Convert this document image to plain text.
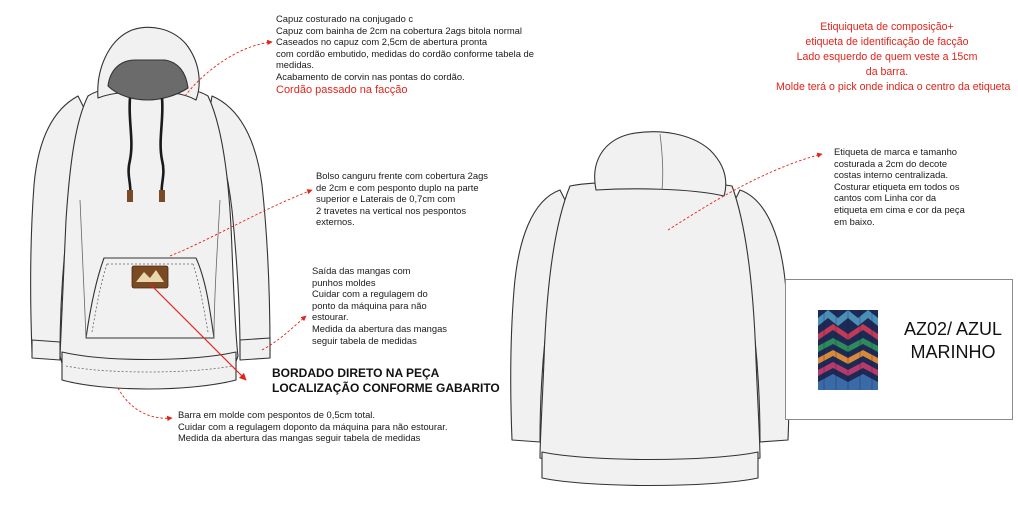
Capuz costurado na conjugado c
Capuz com bainha de 2cm na cobertura 2ags bitola normal
Caseados no capuz com 2,5cm de abertura pronta
com cordão embutido, medidas do cordão conforme tabela de
medidas.
Acabamento de corvin nas pontas do cordão.
Cordão passado na facção
Etiquiqueta de composição+
etiqueta de identificação de facção
Lado esquerdo de quem veste a 15cm
da barra.
Molde terá o pick onde indica o centro da etiqueta
Bolso canguru frente com cobertura 2ags
de 2cm e com pesponto duplo na parte
superior e Laterais de 0,7cm com
2 travetes na vertical nos pespontos
externos.
Saída das mangas com
punhos moldes
Cuidar com a regulagem do
ponto da máquina para não
estourar.
Medida da abertura das mangas
seguir tabela de medidas
BORDADO DIRETO NA PEÇA
LOCALIZAÇÃO CONFORME GABARITO
Barra em molde com pespontos de 0,5cm total.
Cuidar com a regulagem doponto da máquina para não estourar.
Medida da abertura das mangas seguir tabela de medidas
Etiqueta de marca e tamanho
costurada a 2cm do decote
costas interno centralizada.
Costurar etiqueta em todos os
cantos com Linha cor da
etiqueta em cima e cor da peça
em baixo.
AZ02/ AZUL
MARINHO
